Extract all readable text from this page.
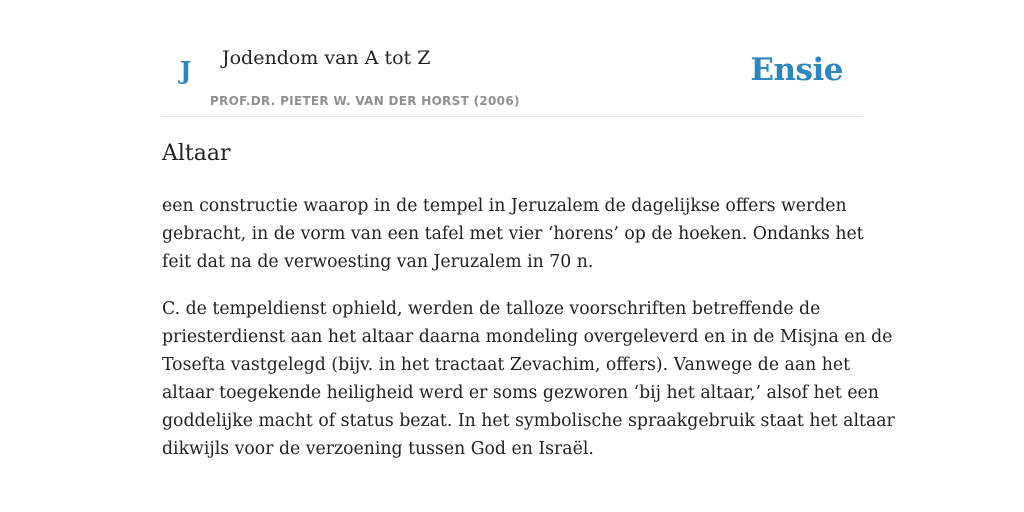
J Jodendom van A tot Z
PROF.DR. PIETER W. VAN DER HORST (2006)
Ensie
Altaar

een constructie waarop in de tempel in Jeruzalem de dagelijkse offers werden
gebracht, in de vorm van een tafel met vier ‘horens’ op de hoeken. Ondanks het
feit dat na de verwoesting van Jeruzalem in 70 n.

C. de tempeldienst ophield, werden de talloze voorschriften betreffende de
priesterdienst aan het altaar daarna mondeling overgeleverd en in de Misjna en de
Tosefta vastgelegd (bijv. in het tractaat Zevachim, offers). Vanwege de aan het
altaar toegekende heiligheid werd er soms gezworen ‘bij het altaar,’ alsof het een
goddelijke macht of status bezat. In het symbolische spraakgebruik staat het altaar
dikwijls voor de verzoening tussen God en Israël.
